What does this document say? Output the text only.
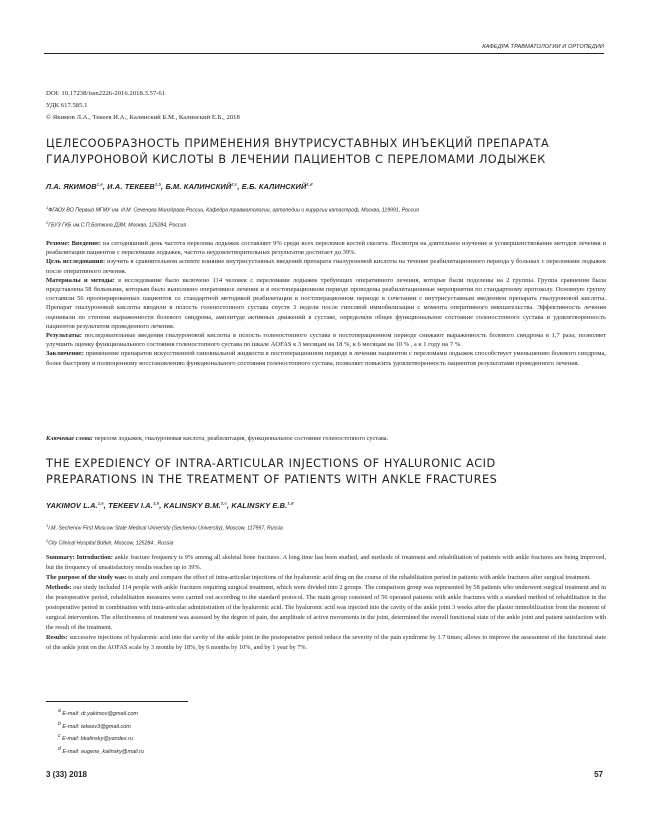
КАФЕДРА ТРАВМАТОЛОГИИ И ОРТОПЕДИИ
DOI: 10.17238/issn2226-2016.2018.3.57-61
УДК 617.585.1
© Якимов Л.А., Текеев И.А., Калинский Б.М., Калинский Е.Б., 2018
ЦЕЛЕСООБРАЗНОСТЬ ПРИМЕНЕНИЯ ВНУТРИСУСТАВНЫХ ИНЪЕКЦИЙ ПРЕПАРАТА
ГИАЛУРОНОВОЙ КИСЛОТЫ В ЛЕЧЕНИИ ПАЦИЕНТОВ С ПЕРЕЛОМАМИ ЛОДЫЖЕК
Л.А. ЯКИМОВ$^{1,a}$, И.А. ТЕКЕЕВ$^{1,b}$, Б.М. КАЛИНСКИЙ$^{2,c}$, Е.Б. КАЛИНСКИЙ$^{1,d}$
$^1$ФГАОУ ВО Первый МГМУ им. И.М. Сеченова Минздрава России, Кафедра травматологии, ортопедии и хирургии катастроф, Москва, 119991, Россия
$^2$ГБУЗ ГКБ им.С.П.Боткина ДЗМ, Москва, 125284, Россия

Резюме: Введение: на сегодняшний день частота перелома лодыжек составляет 9% среди всех переломов костей скелета. Несмотря на длительное изучение и усовершенствование методов лечения и реабилитации пациентов с переломами лодыжек, частота неудовлетворительных результатов достигает до 39%.

Цель исследования: изучить в сравнительном аспекте влияние внутрисуставных введений препарата гиалуроновой кислоты на течение реабилитационного периода у больных с переломами лодыжек после оперативного лечения.

Материалы и методы: в исследование было включено 114 человек с переломами лодыжек требующих оперативного лечения, которые были поделены на 2 группы. Группа сравнения была представлена 58 больными, которым было выполнено оперативное лечение и в постоперационном периоде проведены реабилитационные мероприятия по стандартному протоколу. Основную группу составили 56 прооперированных пациентов со стандартной методикой реабилитации в постоперационном периоде в сочетании с внутрисуставным введением препарата гиалуроновой кислоты. Препарат гиалуроновой кислоты вводили в полость голеностопного сустава спустя 3 недели после гипсовой иммобилизации с момента оперативного вмешательства. Эффективность лечения оценивали по степени выраженности болевого синдрома, амплитуде активных движений в суставе, определяли общее функциональное состояние голеностопного сустава и удовлетворенность пациентов результатом проведенного лечения.

Результаты: последовательные введения гиалуроновой кислоты в полость голеностопного сустава в постоперационном периоде снижают выраженность болевого синдрома в 1,7 раза; позволяет улучшить оценку функционального состояния голеностопного сустава по шкале AOFAS к 3 месяцам на 18 %, к 6 месяцам на 10 % , а к 1 году на 7 %.

Заключение: применение препаратов искусственной синовиальной жидкости в постоперационном периоде в лечении пациентов с переломами лодыжек способствует уменьшению болевого синдрома, более быстрому и полноценному восстановлению функционального состояния голеностопного сустава, позволяет повысить удовлетворенность пациентов результатами проведенного лечения.

Ключевые слова: перелом лодыжек, гиалуроновая кислота, реабилитация, функциональное состояние голеностопного сустава.
THE EXPEDIENCY OF INTRA-ARTICULAR INJECTIONS OF HYALURONIC ACID
PREPARATIONS IN THE TREATMENT OF PATIENTS WITH ANKLE FRACTURES
YAKIMOV L.A.$^{1,a}$, TEKEEV I.A.$^{1,b}$, KALINSKY B.M.$^{2,c}$, KALINSKY E.B.$^{1,d}$
$^1$I.M. Sechenov First Moscow State Medical University (Sechenov University), Moscow, 117997, Russia
$^2$City Clinical Hospital Botkin, Moscow, 125284 , Russia

Summary: Introduction: ankle fracture frequency is 9% among all skeletal bone fractures. A long time has been studied, and methods of treatment and rehabilitation of patients with ankle fractures are being improved, but the frequency of unsatisfactory results reaches up to 39%.

The purpose of the study was: to study and compare the effect of intra-articular injections of the hyaluronic acid drug on the course of the rehabilitation period in patients with ankle fractures after surgical treatment.

Methods: our study included 114 people with ankle fractures requiring surgical treatment, which were divided into 2 groups. The comparison group was represented by 58 patients who underwent surgical treatment and in the postoperative period, rehabilitation measures were carried out according to the standard protocol. The main group consisted of 56 operated patients with ankle fractures with a standard method of rehabilitation in the postoperative period in combination with intra-articular administration of the hyaluronic acid. The hyaluronic acid was injected into the cavity of the ankle joint 3 weeks after the plaster immobilization from the moment of surgical intervention. The effectiveness of treatment was assessed by the degree of pain, the amplitude of active movements in the joint, determined the overall functional state of the ankle joint and patient satisfaction with the result of the treatment.

Results: successive injections of hyaluronic acid into the cavity of the ankle joint in the postoperative period reduce the severity of the pain syndrome by 1.7 times; allows to improve the assessment of the functional state of the ankle joint on the AOFAS scale by 3 months by 18%, by 6 months by 10%, and by 1 year by 7%.

$^a$ E-mail: dr.yakimov@gmail.com
$^b$ E-mail: tekeev3@gmail.com
$^c$ E-mail: bkalinsky@yandex.ru
$^d$ E-mail: eugene_kalinsky@mail.ru
3 (33) 2018	57
